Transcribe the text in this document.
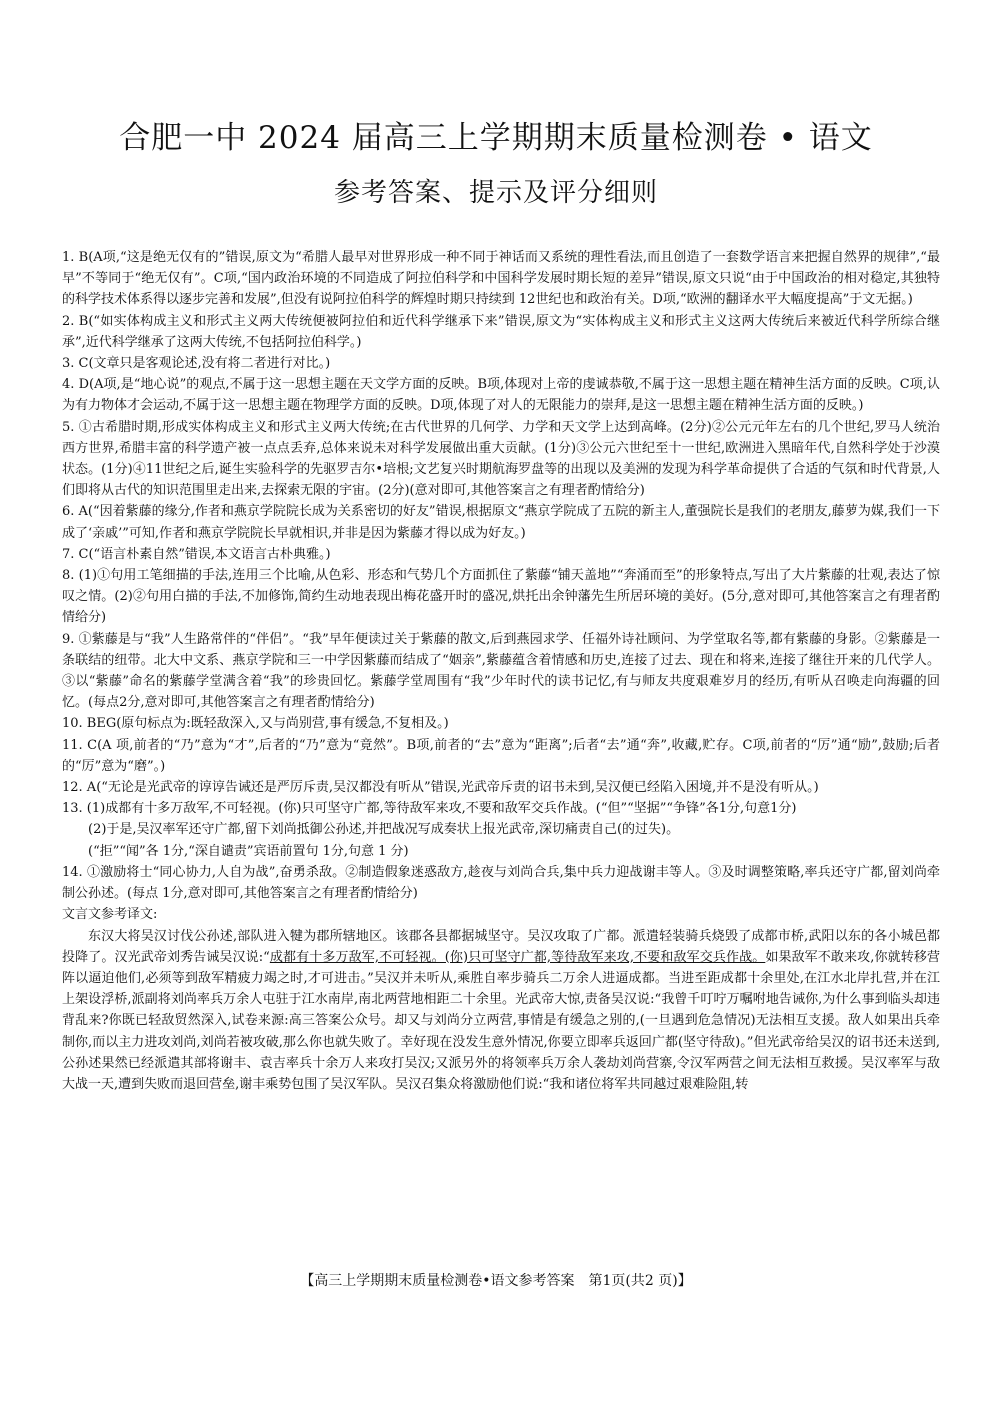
合肥一中 2024 届高三上学期期末质量检测卷 • 语文
参考答案、提示及评分细则

1. B(A项,“这是绝无仅有的”错误,原文为“希腊人最早对世界形成一种不同于神话而又系统的理性看法,而且创造了一套数学语言来把握自然界的规律”,“最早”不等同于“绝无仅有”。C项,“国内政治环境的不同造成了阿拉伯科学和中国科学发展时期长短的差异”错误,原文只说“由于中国政治的相对稳定,其独特的科学技术体系得以逐步完善和发展”,但没有说阿拉伯科学的辉煌时期只持续到 12世纪也和政治有关。D项,“欧洲的翻译水平大幅度提高”于文无据。)

2. B(“如实体构成主义和形式主义两大传统便被阿拉伯和近代科学继承下来”错误,原文为“实体构成主义和形式主义这两大传统后来被近代科学所综合继承”,近代科学继承了这两大传统,不包括阿拉伯科学。)

3. C(文章只是客观论述,没有将二者进行对比。)

4. D(A项,是“地心说”的观点,不属于这一思想主题在天文学方面的反映。B项,体现对上帝的虔诚恭敬,不属于这一思想主题在精神生活方面的反映。C项,认为有力物体才会运动,不属于这一思想主题在物理学方面的反映。D项,体现了对人的无限能力的崇拜,是这一思想主题在精神生活方面的反映。)

5. ①古希腊时期,形成实体构成主义和形式主义两大传统;在古代世界的几何学、力学和天文学上达到高峰。(2分)②公元元年左右的几个世纪,罗马人统治西方世界,希腊丰富的科学遗产被一点点丢弃,总体来说未对科学发展做出重大贡献。(1分)③公元六世纪至十一世纪,欧洲进入黑暗年代,自然科学处于沙漠状态。(1分)④11世纪之后,诞生实验科学的先驱罗吉尔•培根;文艺复兴时期航海罗盘等的出现以及美洲的发现为科学革命提供了合适的气氛和时代背景,人们即将从古代的知识范围里走出来,去探索无限的宇宙。(2分)(意对即可,其他答案言之有理者酌情给分)

6. A(“因着紫藤的缘分,作者和燕京学院院长成为关系密切的好友”错误,根据原文“燕京学院成了五院的新主人,董强院长是我们的老朋友,藤萝为媒,我们一下成了‘亲戚’”可知,作者和燕京学院院长早就相识,并非是因为紫藤才得以成为好友。)

7. C(“语言朴素自然”错误,本文语言古朴典雅。)

8. (1)①句用工笔细描的手法,连用三个比喻,从色彩、形态和气势几个方面抓住了紫藤“铺天盖地”“奔涌而至”的形象特点,写出了大片紫藤的壮观,表达了惊叹之情。(2)②句用白描的手法,不加修饰,简约生动地表现出梅花盛开时的盛况,烘托出余钟藩先生所居环境的美好。(5分,意对即可,其他答案言之有理者酌情给分)

9. ①紫藤是与“我”人生路常伴的“伴侣”。“我”早年便读过关于紫藤的散文,后到燕园求学、任福外诗社顾问、为学堂取名等,都有紫藤的身影。②紫藤是一条联结的纽带。北大中文系、燕京学院和三一中学因紫藤而结成了“姻亲”,紫藤蕴含着情感和历史,连接了过去、现在和将来,连接了继往开来的几代学人。③以“紫藤”命名的紫藤学堂满含着“我”的珍贵回忆。紫藤学堂周围有“我”少年时代的读书记忆,有与师友共度艰难岁月的经历,有听从召唤走向海疆的回忆。(每点2分,意对即可,其他答案言之有理者酌情给分)

10. BEG(原句标点为:既轻敌深入,又与尚别营,事有缓急,不复相及。)

11. C(A 项,前者的“乃”意为“才”,后者的“乃”意为“竟然”。B项,前者的“去”意为“距离”;后者“去”通“奔”,收藏,贮存。C项,前者的“厉”通“励”,鼓励;后者的“厉”意为“磨”。)

12. A(“无论是光武帝的谆谆告诫还是严厉斥责,吴汉都没有听从”错误,光武帝斥责的诏书未到,吴汉便已经陷入困境,并不是没有听从。)

13. (1)成都有十多万敌军,不可轻视。(你)只可坚守广都,等待敌军来攻,不要和敌军交兵作战。(“但”“坚据”“争锋”各1分,句意1分)

(2)于是,吴汉率军还守广都,留下刘尚抵御公孙述,并把战况写成奏状上报光武帝,深切痛责自己(的过失)。

(“拒”“闻”各 1分,“深自谴责”宾语前置句 1分,句意 1 分)

14. ①激励将士“同心协力,人自为战”,奋勇杀敌。②制造假象迷惑敌方,趁夜与刘尚合兵,集中兵力迎战谢丰等人。③及时调整策略,率兵还守广都,留刘尚牵制公孙述。(每点 1分,意对即可,其他答案言之有理者酌情给分)

文言文参考译文:

东汉大将吴汉讨伐公孙述,部队进入犍为郡所辖地区。该郡各县都据城坚守。吴汉攻取了广都。派遣轻装骑兵烧毁了成都市桥,武阳以东的各小城邑都投降了。汉光武帝刘秀告诫吴汉说:“成都有十多万敌军,不可轻视。(你)只可坚守广都,等待敌军来攻,不要和敌军交兵作战。如果敌军不敢来攻,你就转移营阵以逼迫他们,必须等到敌军精疲力竭之时,才可进击。”吴汉并未听从,乘胜自率步骑兵二万余人进逼成都。当进至距成都十余里处,在江水北岸扎营,并在江上架设浮桥,派副将刘尚率兵万余人屯驻于江水南岸,南北两营地相距二十余里。光武帝大惊,责备吴汉说:“我曾千叮咛万嘱咐地告诫你,为什么事到临头却违背乱来?你既已轻敌贸然深入,试卷来源:高三答案公众号。却又与刘尚分立两营,事情是有缓急之别的,(一旦遇到危急情况)无法相互支援。敌人如果出兵牵制你,而以主力进攻刘尚,刘尚若被攻破,那么你也就失败了。幸好现在没发生意外情况,你要立即率兵返回广都(坚守待敌)。”但光武帝给吴汉的诏书还未送到,公孙述果然已经派遣其部将谢丰、袁吉率兵十余万人来攻打吴汉;又派另外的将领率兵万余人袭劫刘尚营寨,令汉军两营之间无法相互救援。吴汉率军与敌大战一天,遭到失败而退回营垒,谢丰乘势包围了吴汉军队。吴汉召集众将激励他们说:“我和诸位将军共同越过艰难险阻,转

【高三上学期期末质量检测卷•语文参考答案　第1页(共2 页)】
